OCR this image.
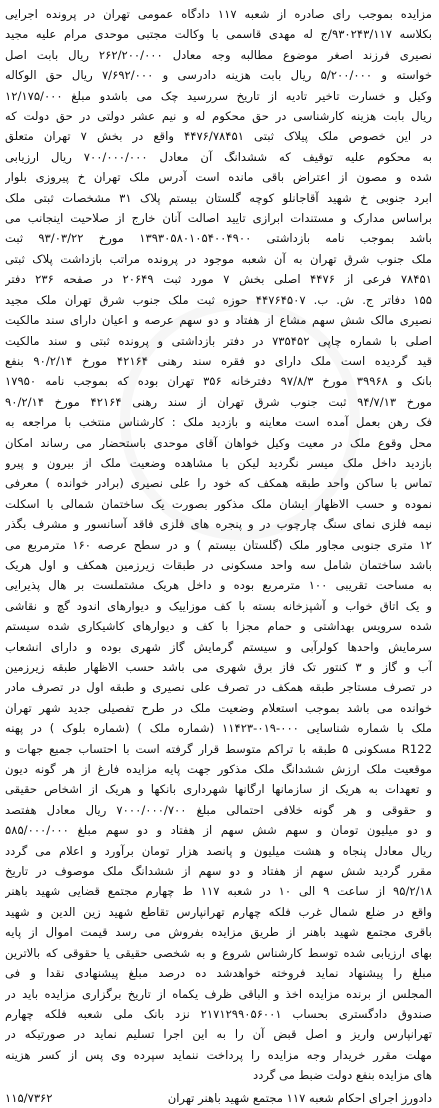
مزایده بموجب رای صادره از شعبه ۱۱۷ دادگاه عمومی تهران در پرونده اجرایی
بکلاسه ۹۳۰۲۴۳/۱۱۷/ج له مهدی قاسمی با وکالت مجتبی موحدی مرام علیه مجید
نصیری فرزند اصغر موضوع مطالبه وجه معادل ۲۶۲/۲۰۰/۰۰۰ ریال بابت اصل
خواسته و ۵/۲۰۰/۰۰۰ ریال بابت هزینه دادرسی و ۷/۶۹۲/۰۰۰ ریال حق الوکاله
وکیل و خسارت تاخیر تادیه از تاریخ سررسید چک می باشدو مبلغ ۱۲/۱۷۵/۰۰۰
ریال بابت هزینه کارشناسی در حق محکوم له و نیم عشر دولتی در حق دولت که
در این خصوص ملک پیلاک ثبتی ۴۴۷۶/۷۸۴۵۱ واقع در بخش ۷ تهران متعلق
به محکوم علیه توقیف که ششدانگ آن معادل ۷۰۰/۰۰۰/۰۰۰ ریال ارزیابی
شده و مصون از اعتراض باقی مانده است آدرس ملک تهران خ پیروزی بلوار
ابرد جنوبی خ شهید آقاجانلو کوچه گلستان بیستم پلاک ۳۱ مشخصات ثبتی ملک
براساس مدارک و مستندات ابرازی تایید اصالت آنان خارج از صلاحیت اینجانب می
باشد بموجب نامه بازداشتی ۱۳۹۳۰۵۸۰۱۰۵۴۰۰۴۹۰۰ مورخ ۹۳/۰۳/۲۲ ثبت
ملک جنوب شرق تهران به آن شعبه موجود در پرونده مراتب بازداشت پلاک ثبتی
۷۸۴۵۱ فرعی از ۴۴۷۶ اصلی بخش ۷ مورد ثبت ۲۰۶۴۹ در صفحه ۲۳۶ دفتر
۱۵۵ دفاتر ج. ش. ب. ۴۴۷۶۴۵۰۷ حوزه ثبت ملک جنوب شرق تهران ملک مجید
نصیری مالک شش سهم مشاع از هفتاد و دو سهم عرصه و اعیان دارای سند مالکیت
اصلی با شماره چاپی ۷۳۵۴۵۲ در دفتر بازداشتی و پرونده ثبتی و سند مالکیت
قید گردیده است ملک دارای دو فقره سند رهنی ۴۲۱۶۴ مورخ ۹۰/۲/۱۴ بنفع
بانک و ۳۹۹۶۸ مورخ ۹۷/۸/۳ دفترخانه ۳۵۶ تهران بوده که بموجب نامه ۱۷۹۵۰
مورخ ۹۴/۷/۱۳ ثبت جنوب شرق تهران از سند رهنی ۴۲۱۶۴ مورخ ۹۰/۲/۱۴
فک رهن بعمل آمده است معاینه و بازدید ملک : کارشناس منتخب با مراجعه به
محل وقوع ملک در معیت وکیل خواهان آقای موحدی باستحضار می رساند امکان
بازدید داخل ملک میسر نگردید لیکن با مشاهده وضعیت ملک از بیرون و پیرو
تماس با ساکن واحد طبقه همکف که خود را علی نصیری (برادر خوانده ) معرفی
نموده و حسب الاظهار ایشان ملک مذکور بصورت یک ساختمان شمالی با اسکلت
نیمه فلزی نمای سنگ چارچوب در و پنجره های فلزی فاقد آسانسور و مشرف بگذر
۱۲ متری جنوبی مجاور ملک (گلستان بیستم ) و در سطح عرصه ۱۶۰ مترمربع می
باشد ساختمان شامل سه واحد مسکونی در طبقات زیرزمین همکف و اول هریک
به مساحت تقریبی ۱۰۰ مترمربع بوده و داخل هریک مشتملست بر هال پذیرایی
و یک اتاق خواب و آشپزخانه بسته با کف موزاییک و دیوارهای اندود گچ و نقاشی
شده سرویس بهداشتی و حمام مجزا با کف و دیوارهای کاشیکاری شده سیستم
سرمایش واحدها کولرآبی و سیستم گرمایش گاز شهری بوده و دارای انشعاب
آب و گاز و ۳ کنتور تک فاز برق شهری می باشد حسب الاظهار طبقه زیرزمین
در تصرف مستاجر طبقه همکف در تصرف علی نصیری و طبقه اول در تصرف مادر
خوانده می باشد بموجب استعلام وضعیت ملک در طرح تفصیلی جدید شهر تهران
ملک با شماره شناسایی ۰۰۰-۰۱۹-۱۱۴۲۳ (شماره ملک ) (شماره بلوک ) در پهنه
R122 مسکونی ۵ طبقه با تراکم متوسط قرار گرفته است با احتساب جمیع جهات و
موقعیت ملک ارزش ششدانگ ملک مذکور جهت پایه مزایده فارغ از هر گونه دیون
و تعهدات به هریک از سازمانها ارگانها شهرداری بانکها و هریک از اشخاص حقیقی
و حقوقی و هر گونه خلافی احتمالی مبلغ ۷۰۰۰/۰۰۰/۷۰۰ ریال معادل هفتصد
و دو میلیون تومان و سهم شش سهم از هفتاد و دو سهم مبلغ ۵۸۵/۰۰۰/۰۰۰
ریال معادل پنجاه و هشت میلیون و پانصد هزار تومان برآورد و اعلام می گردد
مقرر گردید شش سهم از هفتاد و دو سهم از ششدانگ ملک موصوف در تاریخ
۹۵/۲/۱۸ از ساعت ۹ الی ۱۰ در شعبه ۱۱۷ ط چهارم مجتمع قضایی شهید باهنر
واقع در ضلع شمال غرب فلکه چهارم تهرانپارس تقاطع شهید زین الدین و شهید
باقری مجتمع شهید باهنر از طریق مزایده بفروش می رسد قیمت اموال از پایه
بهای ارزیابی شده توسط کارشناس شروع و به شخصی حقیقی یا حقوقی که بالاترین
مبلغ را پیشنهاد نماید فروخته خواهدشد ده درصد مبلغ پیشنهادی نقدا و فی
المجلس از برنده مزایده اخذ و الباقی ظرف یکماه از تاریخ برگزاری مزایده باید در
صندوق دادگستری بحساب ۲۱۷۱۲۹۹۰۵۶۰۰۱ نزد بانک ملی شعبه فلکه چهارم
تهرانپارس واریز و اصل قبض آن را به این اجرا تسلیم نماید در صورتیکه در
مهلت مقرر خریدار وجه مزایده را پرداخت ننماید سپرده وی پس از کسر هزینه
های مزایده بنفع دولت ضبط می گردد
دادورز اجرای احکام شعبه ۱۱۷ مجتمع شهید باهنر تهران
۱۱۵/۷۳۶۲
